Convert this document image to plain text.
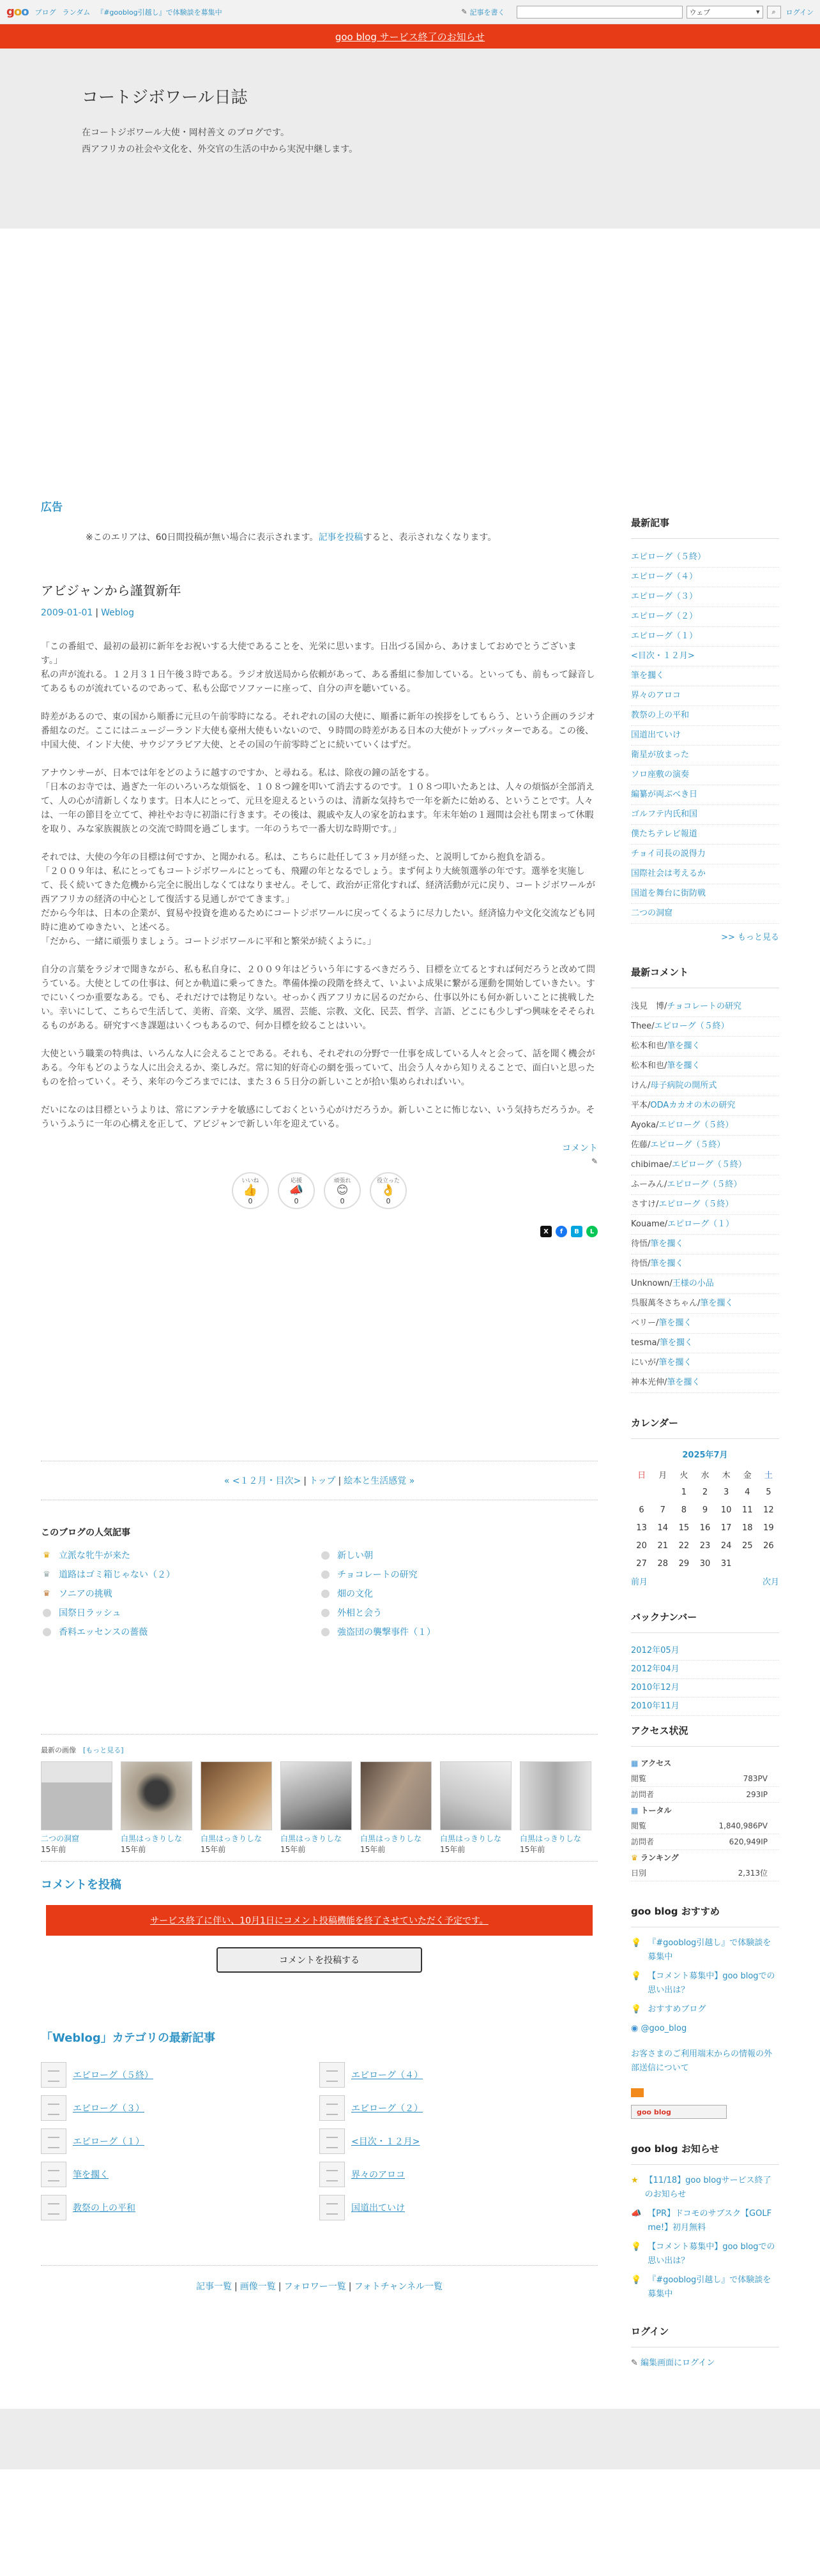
goo ブログ ランダム 『#gooblog引越し』で体験談を募集中	✎ 記事を書く	ウェブ	▾ ⌕ ログイン
goo blog サービス終了のお知らせ
コートジボワール日誌
在コートジボワール大使・岡村善文 のブログです。
西アフリカの社会や文化を、外交官の生活の中から実況中継します。
広告
※このエリアは、60日間投稿が無い場合に表示されます。記事を投稿すると、表示されなくなります。
アビジャンから謹賀新年
2009-01-01 | Weblog

「この番組で、最初の最初に新年をお祝いする大使であることを、光栄に思います。日出づる国から、あけましておめでとうございます。」
私の声が流れる。１２月３１日午後３時である。ラジオ放送局から依頼があって、ある番組に参加している。といっても、前もって録音してあるものが流れているのであって、私も公邸でソファーに座って、自分の声を聴いている。

時差があるので、東の国から順番に元旦の午前零時になる。それぞれの国の大使に、順番に新年の挨拶をしてもらう、という企画のラジオ番組なのだ。ここにはニュージーランド大使も豪州大使もいないので、９時間の時差がある日本の大使がトップバッターである。この後、中国大使、インド大使、サウジアラビア大使、とその国の午前零時ごとに続いていくはずだ。

アナウンサーが、日本では年をどのように越すのですか、と尋ねる。私は、除夜の鐘の話をする。
「日本のお寺では、過ぎた一年のいろいろな煩悩を、１０８つ鐘を叩いて消去するのです。１０８つ叩いたあとは、人々の煩悩が全部消えて、人の心が清新しくなります。日本人にとって、元旦を迎えるというのは、清新な気持ちで一年を新たに始める、ということです。人々は、一年の節目を立てて、神社やお寺に初詣に行きます。その後は、親戚や友人の家を訪ねます。年末年始の１週間は会社も閉まって休暇を取り、みな家族親族との交流で時間を過ごします。一年のうちで一番大切な時期です。」

それでは、大使の今年の目標は何ですか、と聞かれる。私は、こちらに赴任して３ヶ月が経った、と説明してから抱負を語る。
「２００９年は、私にとってもコートジボワールにとっても、飛躍の年となるでしょう。まず何より大統領選挙の年です。選挙を実施して、長く続いてきた危機から完全に脱出しなくてはなりません。そして、政治が正常化すれば、経済活動が元に戻り、コートジボワールが西アフリカの経済の中心として復活する見通しがでてきます。」
だから今年は、日本の企業が、貿易や投資を進めるためにコートジボワールに戻ってくるように尽力したい。経済協力や文化交流なども同時に進めてゆきたい、と述べる。
「だから、一緒に頑張りましょう。コートジボワールに平和と繁栄が続くように。」

自分の言葉をラジオで聞きながら、私も私自身に、２００９年はどういう年にするべきだろう、目標を立てるとすれば何だろうと改めて問うている。大使としての仕事は、何とか軌道に乗ってきた。準備体操の段階を終えて、いよいよ成果に繋がる運動を開始していきたい。すでにいくつか重要なある。でも、それだけでは物足りない。せっかく西アフリカに居るのだから、仕事以外にも何か新しいことに挑戦したい。幸いにして、こちらで生活して、美術、音楽、文学、風習、芸能、宗教、文化、民芸、哲学、言語、どこにも少しずつ興味をそそられるものがある。研究すべき課題はいくつもあるので、何か目標を絞ることはいい。

大使という職業の特典は、いろんな人に会えることである。それも、それぞれの分野で一仕事を成している人々と会って、話を聞く機会がある。今年もどのような人に出会えるか、楽しみだ。常に知的好奇心の網を張っていて、出会う人々から知りえることで、面白いと思ったものを拾っていく。そう、来年の今ごろまでには、また３６５日分の新しいことが拾い集められればいい。

だいになのは目標というよりは、常にアンテナを敏感にしておくという心がけだろうか。新しいことに怖じない、いう気持ちだろうか。そういうふうに一年の心構えを正して、アビジャンで新しい年を迎えている。

コメント
✎
いいね
👍
0
応援
📣
0
頑張れ
😊
0
役立った
👌
0
X	f	B	L
« <１２月・目次> | トップ | 絵本と生活感覚 »
このブログの人気記事
♛ 立派な牝牛が来た	新しい朝
♛ 道路はゴミ箱じゃない（２）	チョコレートの研究
♛ ソニアの挑戦	畑の文化
国祭日ラッシュ	外相と会う
香料エッセンスの薔薇	強盗団の襲撃事件（１）
最新の画像　 [もっと見る]
二つの洞窟
15年前
白黒はっきりしな
15年前
白黒はっきりしな
15年前
白黒はっきりしな
15年前
白黒はっきりしな
15年前
白黒はっきりしな
15年前
白黒はっきりしな
15年前
コメントを投稿
サービス終了に伴い、10月1日にコメント投稿機能を終了させていただく予定です。
コメントを投稿する
「Weblog」カテゴリの最新記事
エピローグ（５終）	エピローグ（４）
エピローグ（３）	エピローグ（２）
エピローグ（１）	<目次・１２月>
筆を擱く	界々のアロコ
教祭の上の平和	国道出ていけ
記事一覧 | 画像一覧 | フォロワー一覧 | フォトチャンネル一覧
最新記事
エピローグ（５終）
エピローグ（４）
エピローグ（３）
エピローグ（２）
エピローグ（１）
<目次・１２月>
筆を擱く
界々のアロコ
教祭の上の平和
国道出ていけ
衛星が放まった
ソロ座敷の演奏
編纂が両ぶべき日
ゴルフテ内氏和国
僕たちテレビ報道
チョイ司長の説得力
国際社会は考えるか
国道を舞台に街防戦
二つの洞窟
>> もっと見る
最新コメント
浅見　博/チョコレートの研究
Thee/エピローグ（５終）
松本和也/筆を擱く
松本和也/筆を擱く
けん/母子病院の開所式
平本/ODAカカオの木の研究
Ayoka/エピローグ（５終）
佐藤/エピローグ（５終）
chibimae/エピローグ（５終）
ふーみん/エピローグ（５終）
さすけ/エピローグ（５終）
Kouame/エピローグ（１）
待悟/筆を擱く
待悟/筆を擱く
Unknown/王様の小品
呉服萬冬さちゃん/筆を擱く
ベリー/筆を擱く
tesma/筆を擱く
にいが/筆を擱く
神本光伸/筆を擱く
カレンダー
2025年7月
日	月	火	水	木	金	土
		1	2	3	4	5
6	7	8	9	10	11	12
13	14	15	16	17	18	19
20	21	22	23	24	25	26
27	28	29	30	31		
前月	次月
バックナンバー
2012年05月
2012年04月
2010年12月
2010年11月
アクセス状況
▦ アクセス
閲覧	783PV
訪問者	293IP
▦ トータル
閲覧	1,840,986PV
訪問者	620,949IP
♛ ランキング
日別	2,313位
goo blog おすすめ
💡 『#gooblog引越し』で体験談を募集中
💡 【コメント募集中】goo blogでの思い出は？
💡 おすすめブログ
◉ @goo_blog
お客さまのご利用端末からの情報の外部送信について
goo blog
goo blog お知らせ
★ 【11/18】goo blogサービス終了のお知らせ
📣 【PR】ドコモのサブスク【GOLF me!】初月無料
💡 【コメント募集中】goo blogでの思い出は？
💡 『#gooblog引越し』で体験談を募集中
ログイン
✎ 編集画面にログイン
